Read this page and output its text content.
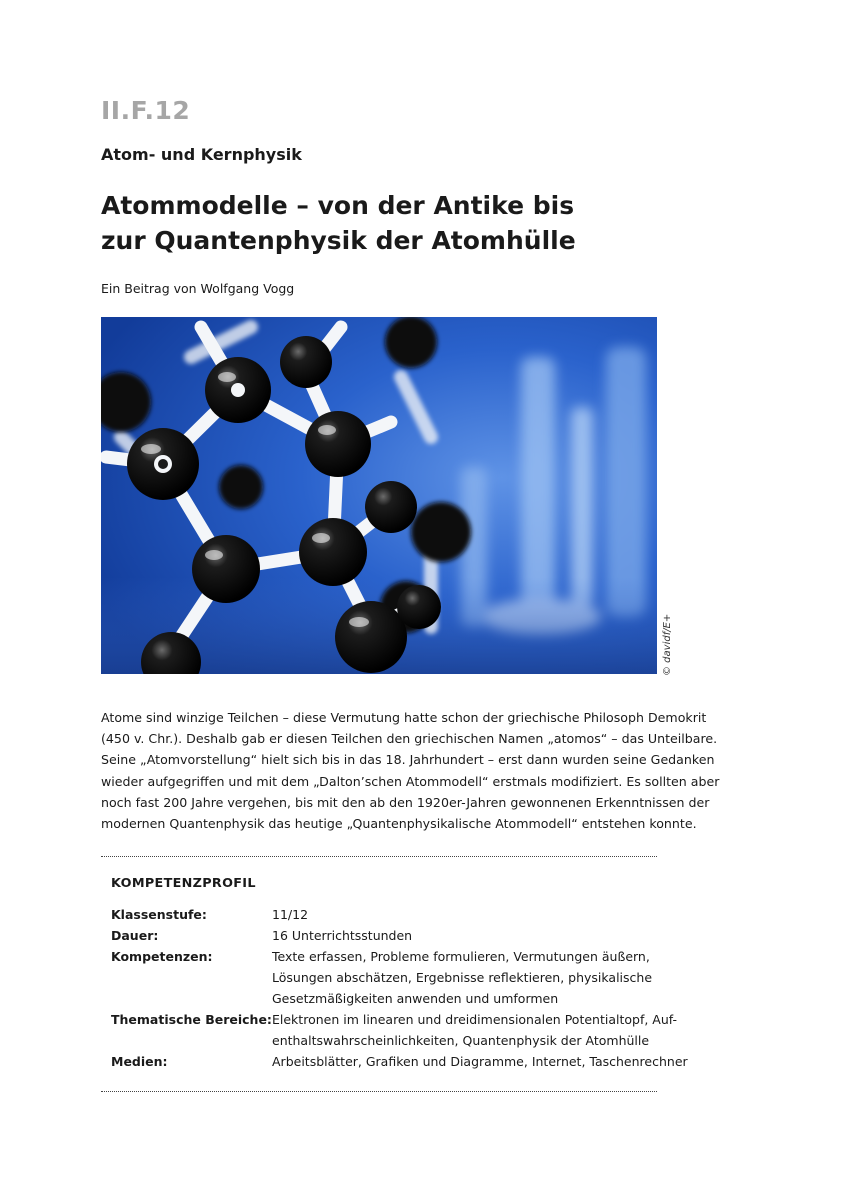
II.F.12
Atom- und Kernphysik
Atommodelle – von der Antike bis
zur Quantenphysik der Atomhülle
Ein Beitrag von Wolfgang Vogg
© davidf/E+
Atome sind winzige Teilchen – diese Vermutung hatte schon der griechische Philosoph Demokrit
(450 v. Chr.). Deshalb gab er diesen Teilchen den griechischen Namen „atomos“ – das Unteilbare.
Seine „Atomvorstellung“ hielt sich bis in das 18. Jahrhundert – erst dann wurden seine Gedanken
wieder aufgegriffen und mit dem „Dalton’schen Atommodell“ erstmals modifiziert. Es sollten aber
noch fast 200 Jahre vergehen, bis mit den ab den 1920er-Jahren gewonnenen Erkenntnissen der
modernen Quantenphysik das heutige „Quantenphysikalische Atommodell“ entstehen konnte.
KOMPETENZPROFIL
Klassenstufe:	11/12
Dauer:	16 Unterrichtsstunden
Kompetenzen:	Texte erfassen, Probleme formulieren, Vermutungen äußern,
Lösungen abschätzen, Ergebnisse reflektieren, physikalische
Gesetzmäßigkeiten anwenden und umformen
Thematische Bereiche: Elektronen im linearen und dreidimensionalen Potentialtopf, Auf-
enthaltswahrscheinlichkeiten, Quantenphysik der Atomhülle
Medien:	Arbeitsblätter, Grafiken und Diagramme, Internet, Taschenrechner
